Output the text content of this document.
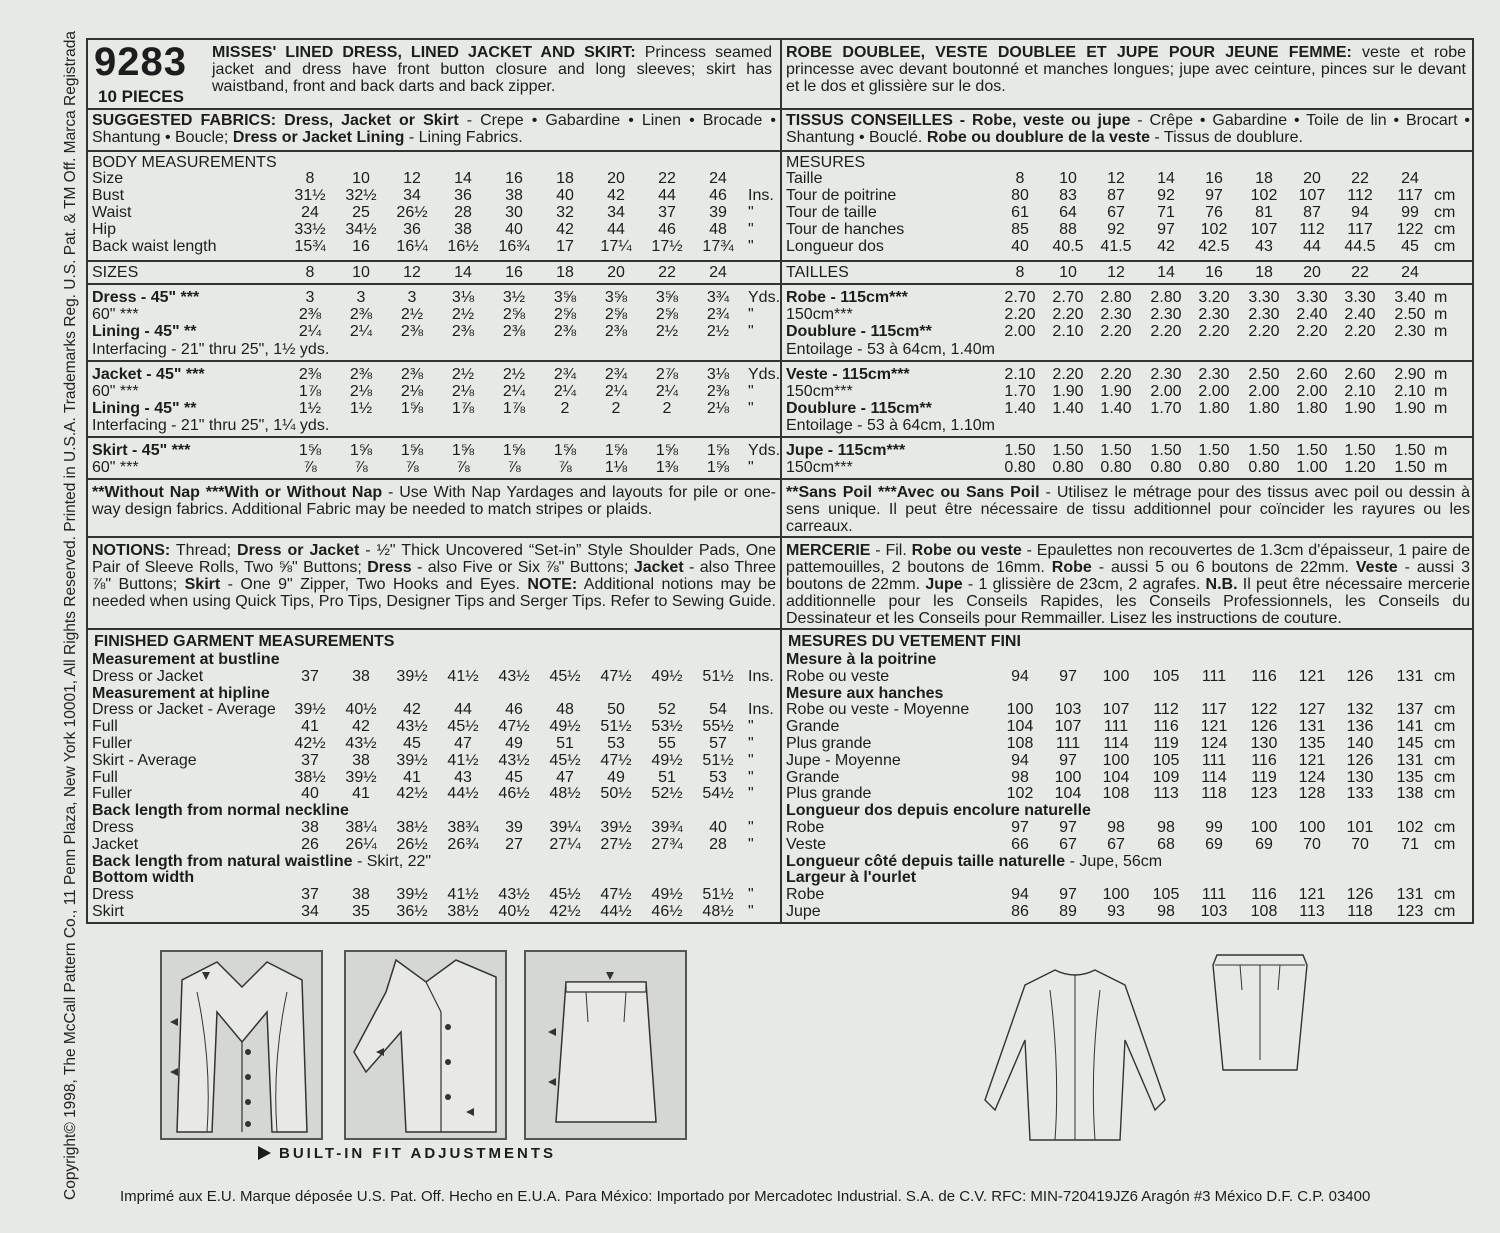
Copyright© 1998, The McCall Pattern Co., 11 Penn Plaza, New York 10001, All Rights Reserved. Printed in U.S.A. Trademarks Reg. U.S. Pat. & TM Off. Marca Registrada 9283
10 PIECES
MISSES' LINED DRESS, LINED JACKET AND SKIRT: Princess seamed jacket and dress have front button closure and long sleeves; skirt has waistband, front and back darts and back zipper.
SUGGESTED FABRICS: Dress, Jacket or Skirt - Crepe • Gabardine • Linen • Brocade • Shantung • Boucle; Dress or Jacket Lining - Lining Fabrics.
BODY MEASUREMENTS
Size	8	10	12	14	16	18	20	22	24
Bust	31½	32½	34	36	38	40	42	44	46	Ins.
Waist	24	25	26½	28	30	32	34	37	39	"
Hip	33½	34½	36	38	40	42	44	46	48	"
Back waist length	15¾	16	16¼	16½	16¾	17	17¼	17½	17¾ "
SIZES	8	10	12	14	16	18	20	22	24
Dress - 45" ***	3	3	3	3⅛	3½	3⅝	3⅝	3⅝	3¾	Yds.
60" ***	2⅜	2⅜	2½	2½	2⅝	2⅝	2⅝	2⅝	2¾	"
Lining - 45" **	2¼	2¼	2⅜	2⅜	2⅜	2⅜	2⅜	2½	2½	"
Interfacing - 21" thru 25", 1½ yds.
Jacket - 45" ***	2⅜	2⅜	2⅜	2½	2½	2¾	2¾	2⅞	3⅛	Yds.
60" ***	1⅞	2⅛	2⅛	2⅛	2¼	2¼	2¼	2¼	2⅜	"
Lining - 45" **	1½	1½	1⅝	1⅞	1⅞	2	2	2	2⅛	"
Interfacing - 21" thru 25", 1¼ yds.
Skirt - 45" ***	1⅝	1⅝	1⅝	1⅝	1⅝	1⅝	1⅝	1⅝	1⅝	Yds.
60" ***	⅞	⅞	⅞	⅞	⅞	⅞	1⅛	1⅜	1⅝	"
**Without Nap ***With or Without Nap - Use With Nap Yardages and layouts for pile or one-way design fabrics. Additional Fabric may be needed to match stripes or plaids.
NOTIONS: Thread; Dress or Jacket - ½" Thick Uncovered “Set-in” Style Shoulder Pads, One Pair of Sleeve Rolls, Two ⅝" Buttons; Dress - also Five or Six ⅞" Buttons; Jacket - also Three ⅞" Buttons; Skirt - One 9" Zipper, Two Hooks and Eyes. NOTE: Additional notions may be needed when using Quick Tips, Pro Tips, Designer Tips and Serger Tips. Refer to Sewing Guide.
FINISHED GARMENT MEASUREMENTS
Measurement at bustline
Dress or Jacket	37	38	39½	41½	43½	45½	47½	49½	51½ Ins.
Measurement at hipline
Dress or Jacket - Average	39½	40½	42	44	46	48	50	52	54	Ins.
Full	41	42	43½	45½	47½	49½	51½	53½	55½ "
Fuller	42½	43½	45	47	49	51	53	55	57	"
Skirt - Average	37	38	39½	41½	43½	45½	47½	49½	51½ "
Full	38½	39½	41	43	45	47	49	51	53	"
Fuller	40	41	42½	44½	46½	48½	50½	52½	54½ "
Back length from normal neckline
Dress	38	38¼	38½	38¾	39	39¼	39½	39¾	40	"
Jacket	26	26¼	26½	26¾	27	27¼	27½	27¾	28	"
Back length from natural waistline - Skirt, 22"
Bottom width
Dress	37	38	39½	41½	43½	45½	47½	49½	51½ "
Skirt	34	35	36½	38½	40½	42½	44½	46½	48½ "
ROBE DOUBLEE, VESTE DOUBLEE ET JUPE POUR JEUNE FEMME: veste et robe princesse avec devant boutonné et manches longues; jupe avec ceinture, pinces sur le devant et le dos et glissière sur le dos.
TISSUS CONSEILLES - Robe, veste ou jupe - Crêpe • Gabardine • Toile de lin • Brocart • Shantung • Bouclé. Robe ou doublure de la veste - Tissus de doublure.
MESURES
Taille	8	10	12	14	16	18	20	22	24
Tour de poitrine	80	83	87	92	97	102	107	112	117 cm
Tour de taille	61	64	67	71	76	81	87	94	99 cm
Tour de hanches	85	88	92	97	102	107	112	117	122 cm
Longueur dos	40	40.5	41.5	42	42.5	43	44	44.5	45 cm
TAILLES	8	10	12	14	16	18	20	22	24
Robe - 115cm***	2.70	2.70	2.80	2.80	3.20	3.30	3.30	3.30	3.40 m
150cm***	2.20	2.20	2.30	2.30	2.30	2.30	2.40	2.40	2.50 m
Doublure - 115cm**	2.00	2.10	2.20	2.20	2.20	2.20	2.20	2.20	2.30 m
Entoilage - 53 à 64cm, 1.40m
Veste - 115cm***	2.10	2.20	2.20	2.30	2.30	2.50	2.60	2.60	2.90 m
150cm***	1.70	1.90	1.90	2.00	2.00	2.00	2.00	2.10	2.10 m
Doublure - 115cm**	1.40	1.40	1.40	1.70	1.80	1.80	1.80	1.90	1.90 m
Entoilage - 53 à 64cm, 1.10m
Jupe - 115cm***	1.50	1.50	1.50	1.50	1.50	1.50	1.50	1.50	1.50 m
150cm***	0.80	0.80	0.80	0.80	0.80	0.80	1.00	1.20	1.50 m
**Sans Poil ***Avec ou Sans Poil - Utilisez le métrage pour des tissus avec poil ou dessin à sens unique. Il peut être nécessaire de tissu additionnel pour coïncider les rayures ou les carreaux.
MERCERIE - Fil. Robe ou veste - Epaulettes non recouvertes de 1.3cm d'épaisseur, 1 paire de pattemouilles, 2 boutons de 16mm. Robe - aussi 5 ou 6 boutons de 22mm. Veste - aussi 3 boutons de 22mm. Jupe - 1 glissière de 23cm, 2 agrafes. N.B. Il peut être nécessaire mercerie additionnelle pour les Conseils Rapides, les Conseils Professionnels, les Conseils du Dessinateur et les Conseils pour Remmailler. Lisez les instructions de couture.
MESURES DU VETEMENT FINI
Mesure à la poitrine
Robe ou veste	94	97	100	105	111	116	121	126	131 cm
Mesure aux hanches
Robe ou veste - Moyenne	100	103	107	112	117	122	127	132	137 cm
Grande	104	107	111	116	121	126	131	136	141 cm
Plus grande	108	111	114	119	124	130	135	140	145 cm
Jupe - Moyenne	94	97	100	105	111	116	121	126	131 cm
Grande	98	100	104	109	114	119	124	130	135 cm
Plus grande	102	104	108	113	118	123	128	133	138 cm
Longueur dos depuis encolure naturelle
Robe	97	97	98	98	99	100	100	101	102 cm
Veste	66	67	67	68	69	69	70	70	71 cm
Longueur côté depuis taille naturelle - Jupe, 56cm
Largeur à l'ourlet
Robe	94	97	100	105	111	116	121	126	131 cm
Jupe	86	89	93	98	103	108	113	118	123 cm
BUILT-IN FIT ADJUSTMENTS
Imprimé aux E.U. Marque déposée U.S. Pat. Off. Hecho en E.U.A. Para México: Importado por Mercadotec Industrial. S.A. de C.V. RFC: MIN-720419JZ6 Aragón #3 México D.F. C.P. 03400
